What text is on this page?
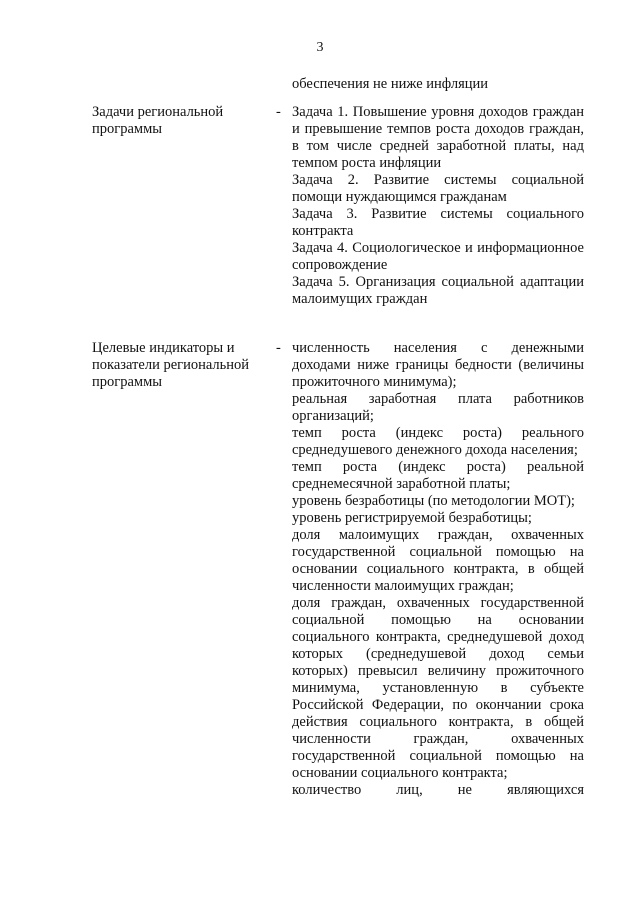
3
обеспечения не ниже инфляции
Задачи региональной программы
- Задача 1. Повышение уровня доходов граждан и превышение темпов роста доходов граждан, в том числе средней заработной платы, над темпом роста инфляции

Задача 2. Развитие системы социальной помощи нуждающимся гражданам

Задача 3. Развитие системы социального контракта

Задача 4. Социологическое и информационное сопровождение

Задача 5. Организация социальной адаптации малоимущих граждан

Целевые индикаторы и показатели региональной программы
- численность населения с денежными доходами ниже границы бедности (величины прожиточного минимума);

реальная заработная плата работников организаций;

темп роста (индекс роста) реального среднедушевого денежного дохода населения;

темп роста (индекс роста) реальной среднемесячной заработной платы;

уровень безработицы (по методологии МОТ);

уровень регистрируемой безработицы;

доля малоимущих граждан, охваченных государственной социальной помощью на основании социального контракта, в общей численности малоимущих граждан;

доля граждан, охваченных государственной социальной помощью на основании социального контракта, среднедушевой доход которых (среднедушевой доход семьи которых) превысил величину прожиточного минимума, установленную в субъекте Российской Федерации, по окончании срока действия социального контракта, в общей численности граждан, охваченных государственной социальной помощью на основании социального контракта;

количество лиц, не являющихся
